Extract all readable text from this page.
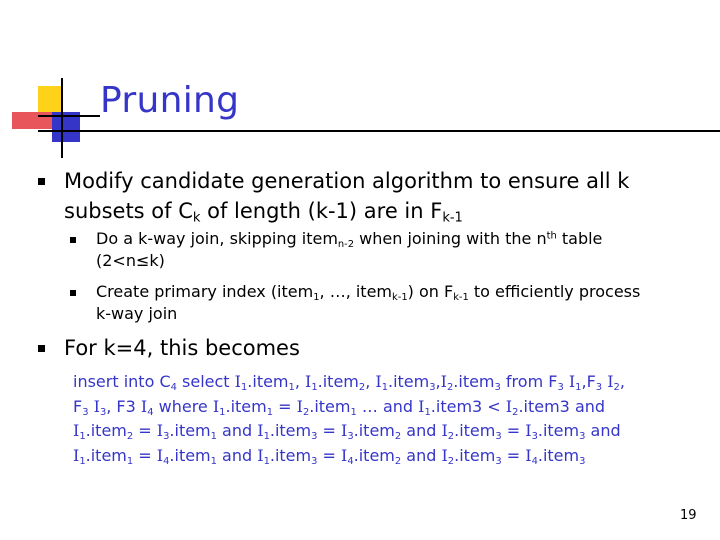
Pruning
Modify candidate generation algorithm to ensure all k
subsets of $C_k$ of length (k-1) are in $F_{k-1}$
Do a k-way join, skipping item$_{n-2}$ when joining with the $n^{th}$ table
(2<n≤k)
Create primary index (item$_1$, …, item$_{k-1}$) on $F_{k-1}$ to efficiently process
k-way join
For k=4, this becomes
insert into $C_4$ select $I_1.item_1$, $I_1.item_2$, $I_1.item_3,I_2.item_3$ from $F_3$ $I_1,F_3$ $I_2$,
$F_3$ $I_3$, F3 $I_4$ where $I_1.item_1$ = $I_2.item_1$ … and $I_1.item3$ < $I_2.item3$ and
$I_1.item_2$ = $I_3.item_1$ and $I_1.item_3$ = $I_3.item_2$ and $I_2.item_3$ = $I_3.item_3$ and
$I_1.item_1$ = $I_4.item_1$ and $I_1.item_3$ = $I_4.item_2$ and $I_2.item_3$ = $I_4.item_3$
19
